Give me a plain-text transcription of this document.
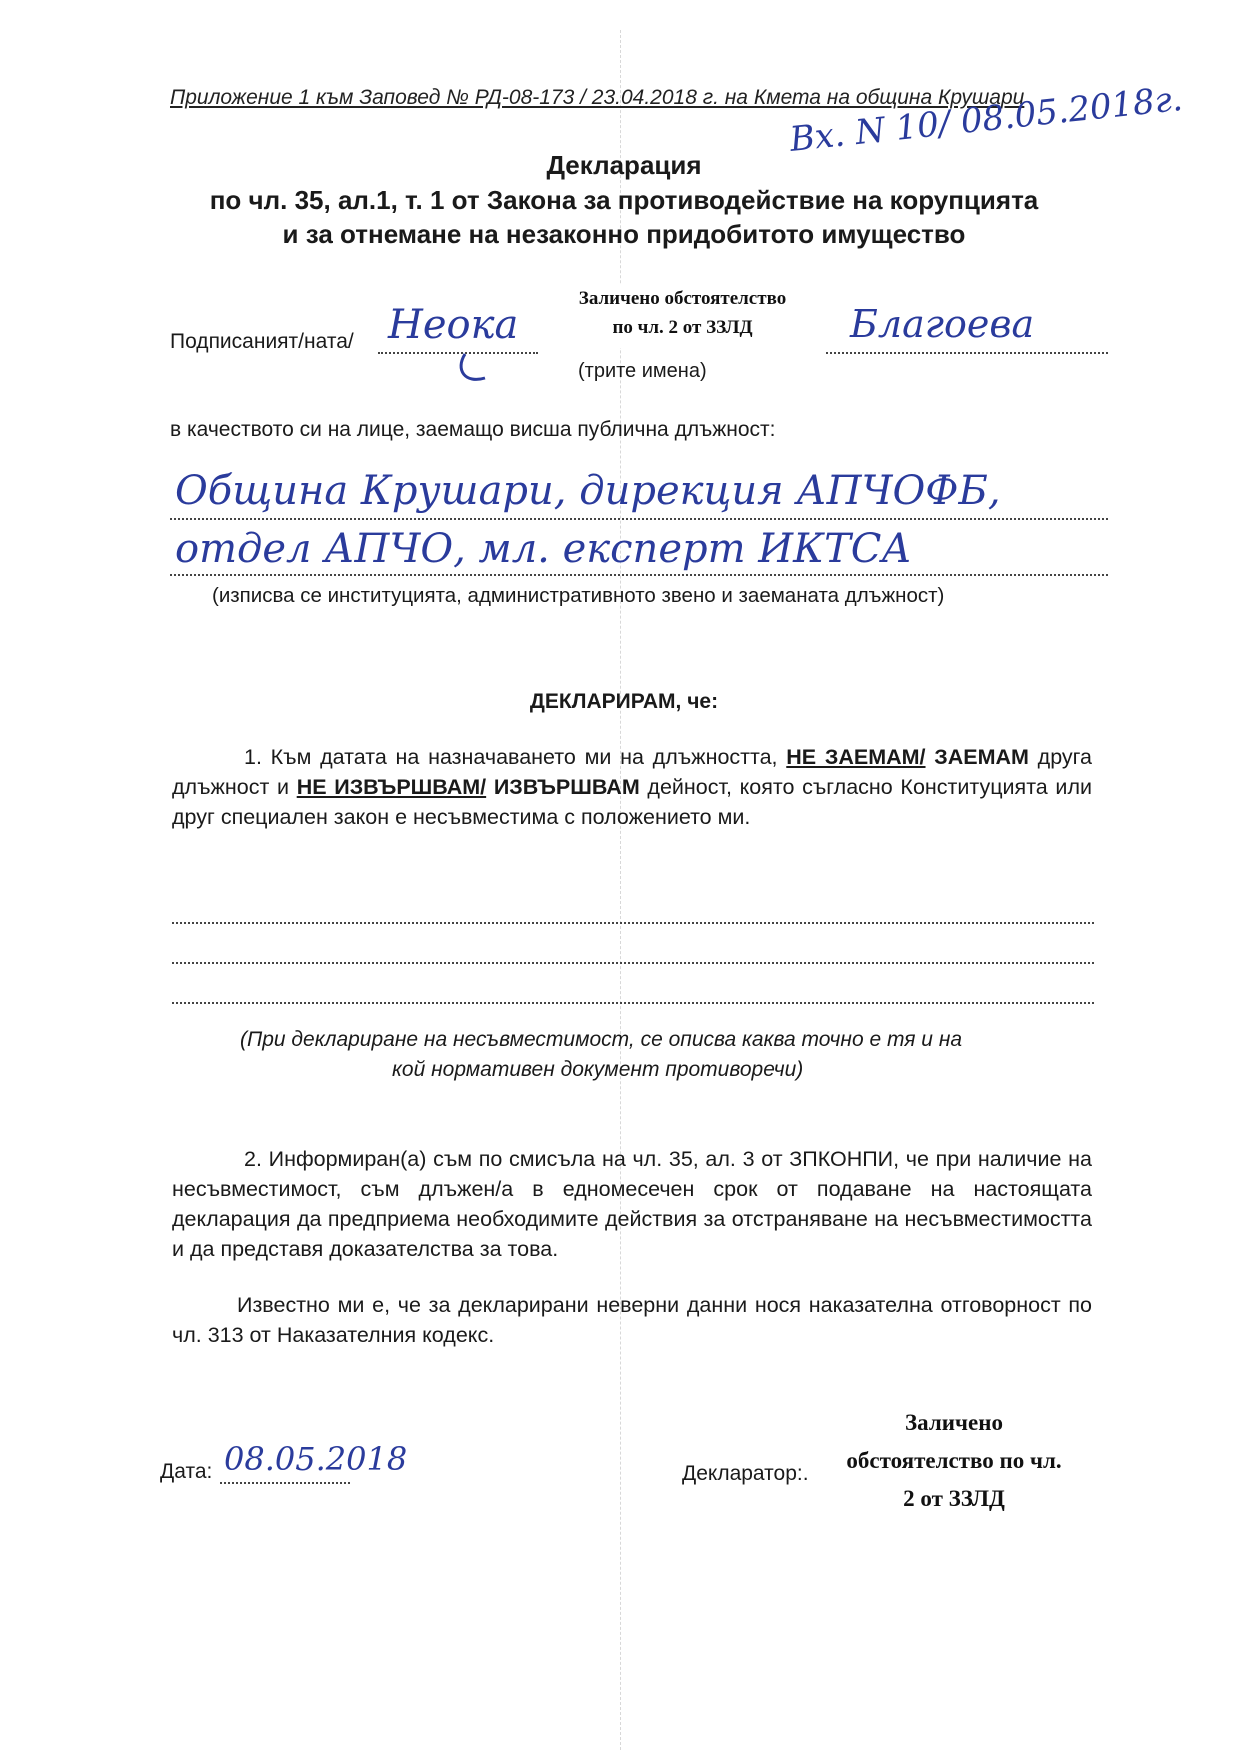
Приложение 1 към Заповед № РД-08-173 / 23.04.2018 г. на Кмета на община Крушари
Вх. N 10/ 08.05.2018г.
Декларация
по чл. 35, ал.1, т. 1 от Закона за противодействие на корупцията
и за отнемане на незаконно придобитото имущество
Подписаният/ната/ Неока
Заличено обстоятелство
по чл. 2 от ЗЗЛД	Благоева
(трите имена)
в качеството си на лице, заемащо висша публична длъжност:
Община Крушари, дирекция АПЧОФБ,
отдел АПЧО, мл. експерт ИКТСА
(изписва се институцията, административното звено и заеманата длъжност)
ДЕКЛАРИРАМ, че:
1. Към датата на назначаването ми на длъжността, НЕ ЗАЕМАМ/ ЗАЕМАМ друга длъжност и НЕ ИЗВЪРШВАМ/ ИЗВЪРШВАМ дейност, която съгласно Конституцията или друг специален закон е несъвместима с положението ми.
(При деклариране на несъвместимост, се описва каква точно е тя и на
кой нормативен документ противоречи)
2. Информиран(а) съм по смисъла на чл. 35, ал. 3 от ЗПКОНПИ, че при наличие на несъвместимост, съм длъжен/а в едномесечен срок от подаване на настоящата декларация да предприема необходимите действия за отстраняване на несъвместимостта и да представя доказателства за това.
Известно ми е, че за декларирани неверни данни нося наказателна отговорност по чл. 313 от Наказателния кодекс.
Дата: 08.05.2018	Декларатор:.
Заличено
обстоятелство по чл.
2 от ЗЗЛД
